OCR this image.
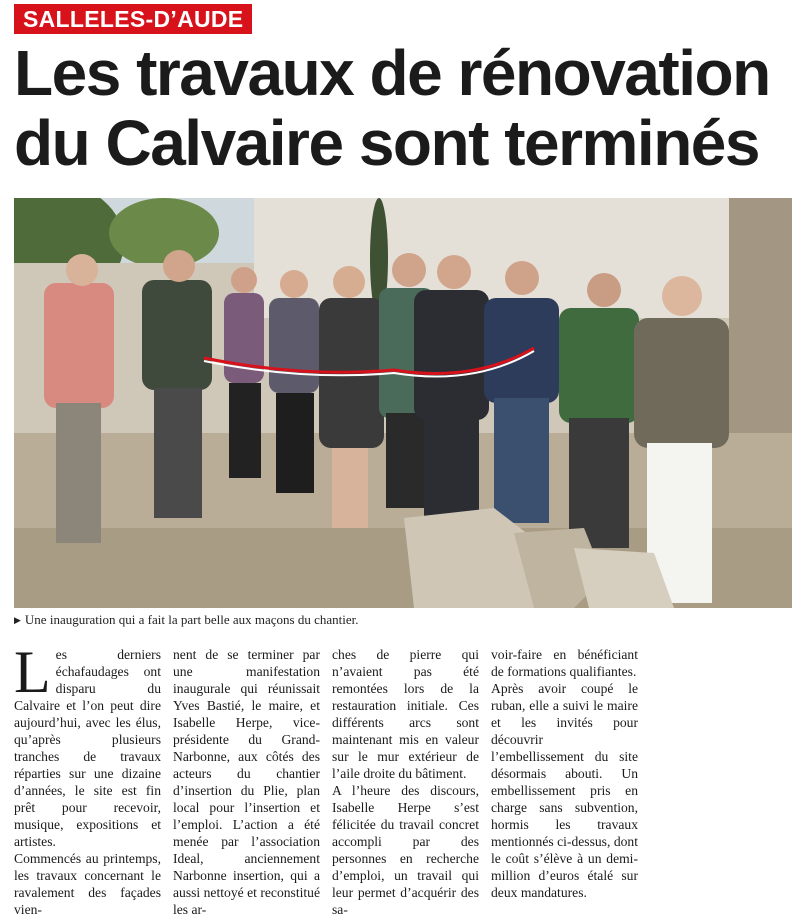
SALLELES-D’AUDE
Les travaux de rénovation
du Calvaire sont terminés
▶ Une inauguration qui a fait la part belle aux maçons du chantier.
L es derniers échafaudages ont disparu du Calvaire et l’on peut dire aujourd’hui, avec les élus, qu’après plusieurs tranches de travaux réparties sur une dizaine d’années, le site est fin prêt pour recevoir, musique, expositions et artistes.

Commencés au printemps, les travaux concernant le ravalement des façades vien-

nent de se terminer par une manifestation inaugurale qui réunissait Yves Bastié, le maire, et Isabelle Herpe, vice-présidente du Grand-Narbonne, aux côtés des acteurs du chantier d’insertion du Plie, plan local pour l’insertion et l’emploi. L’action a été menée par l’association Ideal, anciennement Narbonne insertion, qui a aussi nettoyé et reconstitué les ar-

ches de pierre qui n’avaient pas été remontées lors de la restauration initiale. Ces différents arcs sont maintenant mis en valeur sur le mur extérieur de l’aile droite du bâtiment.

A l’heure des discours, Isabelle Herpe s’est félicitée du travail concret accompli par des personnes en recherche d’emploi, un travail qui leur permet d’acquérir des sa-

voir-faire en bénéficiant de formations qualifiantes.

Après avoir coupé le ruban, elle a suivi le maire et les invités pour découvrir l’embellissement du site désormais abouti. Un embellissement pris en charge sans subvention, hormis les travaux mentionnés ci-dessus, dont le coût s’élève à un demi-million d’euros étalé sur deux mandatures.
